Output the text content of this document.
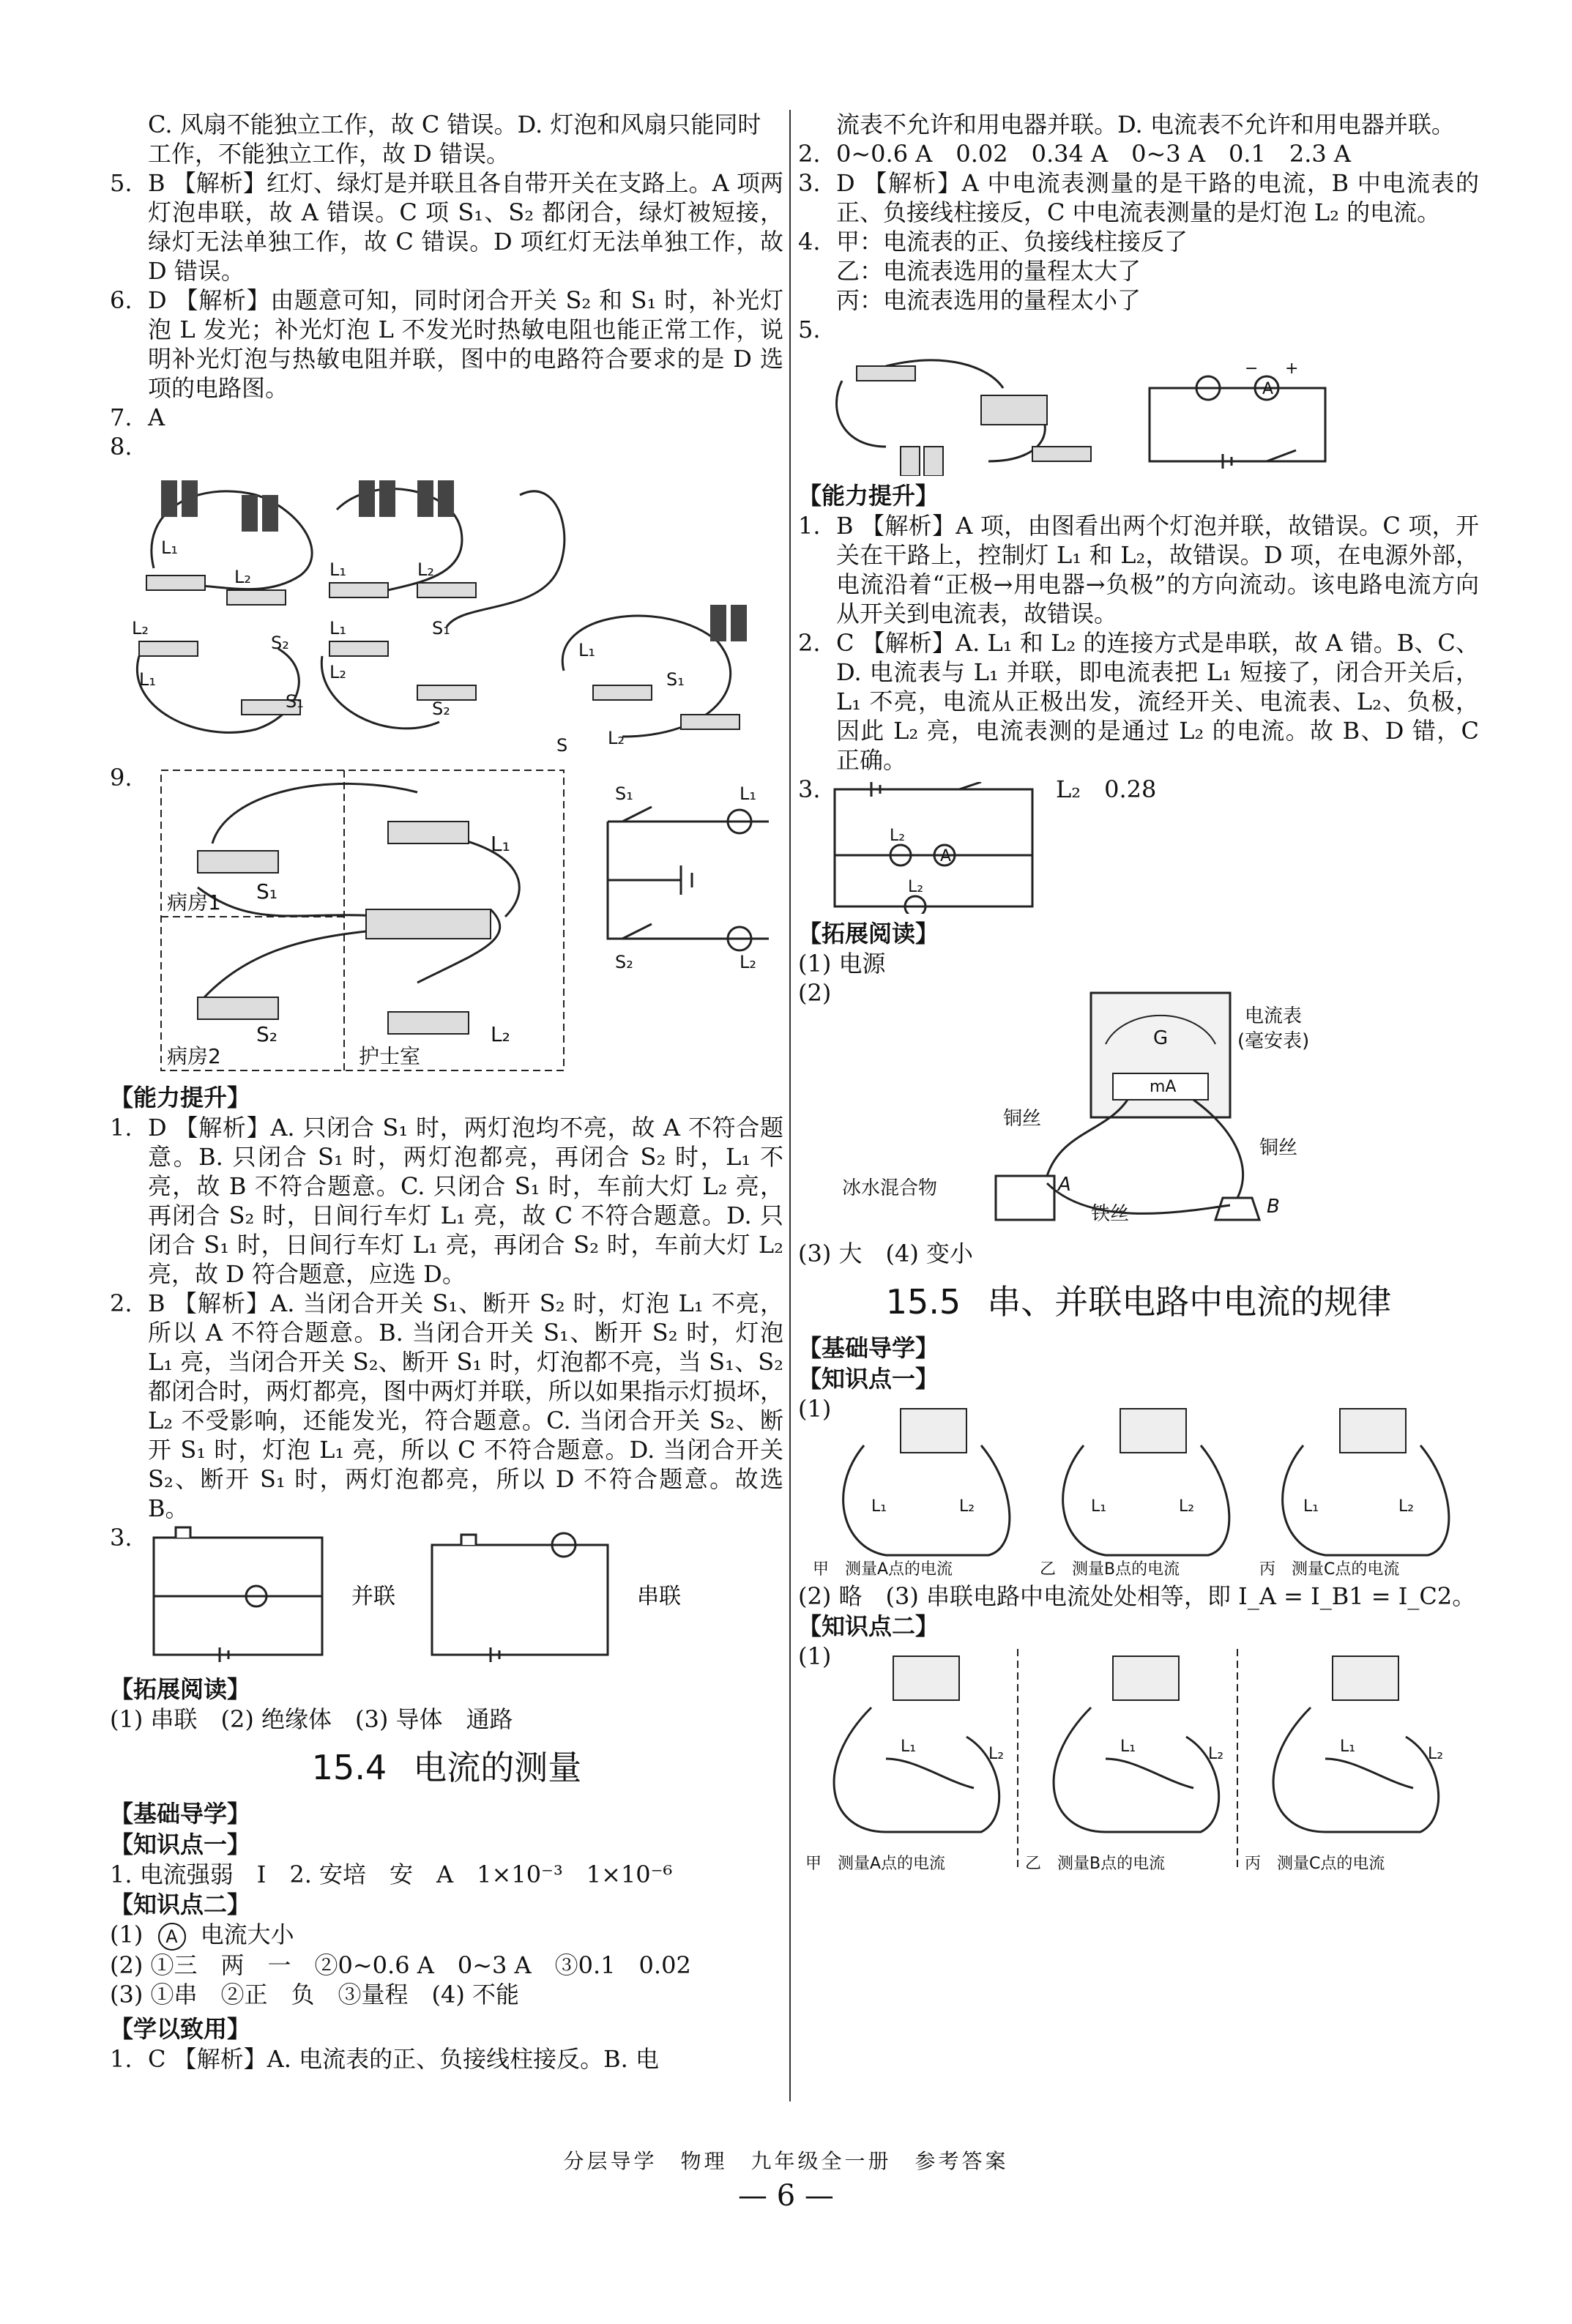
C. 风扇不能独立工作，故 C 错误。D. 灯泡和风扇只能同时工作，不能独立工作，故 D 错误。

5. B 【解析】红灯、绿灯是并联且各自带开关在支路上。A 项两灯泡串联，故 A 错误。C 项 S₁、S₂ 都闭合，绿灯被短接，绿灯无法单独工作，故 C 错误。D 项红灯无法单独工作，故 D 错误。
6. D 【解析】由题意可知，同时闭合开关 S₂ 和 S₁ 时，补光灯泡 L 发光；补光灯泡 L 不发光时热敏电阻也能正常工作，说明补光灯泡与热敏电阻并联，图中的电路符合要求的是 D 选项的电路图。
7. A
8.
L₁
L₂	L₁	L₂
L₂
S₂
L₁
S₁
L₁	S₁
L₂
S₂
L₁
S₁
S L₂
9.
S₁
L₁
病房1
S₂	L₂
病房2	护士室
S₁	L₁
S₂	L₂
【能力提升】
1. D 【解析】A. 只闭合 S₁ 时，两灯泡均不亮，故 A 不符合题意。B. 只闭合 S₁ 时，两灯泡都亮，再闭合 S₂ 时，L₁ 不亮，故 B 不符合题意。C. 只闭合 S₁ 时，车前大灯 L₂ 亮，再闭合 S₂ 时，日间行车灯 L₁ 亮，故 C 不符合题意。D. 只闭合 S₁ 时，日间行车灯 L₁ 亮，再闭合 S₂ 时，车前大灯 L₂ 亮，故 D 符合题意，应选 D。
2. B 【解析】A. 当闭合开关 S₁、断开 S₂ 时，灯泡 L₁ 不亮，所以 A 不符合题意。B. 当闭合开关 S₁、断开 S₂ 时，灯泡 L₁ 亮，当闭合开关 S₂、断开 S₁ 时，灯泡都不亮，当 S₁、S₂ 都闭合时，两灯都亮，图中两灯并联，所以如果指示灯损坏，L₂ 不受影响，还能发光，符合题意。C. 当闭合开关 S₂、断开 S₁ 时，灯泡 L₁ 亮，所以 C 不符合题意。D. 当闭合开关 S₂、断开 S₁ 时，两灯泡都亮，所以 D 不符合题意。故选 B。
3.
并联	串联
【拓展阅读】

(1) 串联　(2) 绝缘体　(3) 导体　通路

15.4 电流的测量
【基础导学】
【知识点一】

1. 电流强弱　I　2. 安培　安　A　1×10⁻³　1×10⁻⁶

【知识点二】

(1) A 电流大小

(2) ①三　两　一　②0~0.6 A　0~3 A　③0.1　0.02

(3) ①串　②正　负　③量程　(4) 不能

【学以致用】
1. C 【解析】A. 电流表的正、负接线柱接反。B. 电

流表不允许和用电器并联。D. 电流表不允许和用电器并联。

2. 0~0.6 A　0.02　0.34 A　0~3 A　0.1　2.3 A
3. D 【解析】A 中电流表测量的是干路的电流，B 中电流表的正、负接线柱接反，C 中电流表测量的是灯泡 L₂ 的电流。
4. 甲：电流表的正、负接线柱接反了

乙：电流表选用的量程太大了

丙：电流表选用的量程太小了

5.
A
− +
【能力提升】
1. B 【解析】A 项，由图看出两个灯泡并联，故错误。C 项，开关在干路上，控制灯 L₁ 和 L₂，故错误。D 项，在电源外部，电流沿着“正极→用电器→负极”的方向流动。该电路电流方向从开关到电流表，故错误。
2. C 【解析】A. L₁ 和 L₂ 的连接方式是串联，故 A 错。B、C、D. 电流表与 L₁ 并联，即电流表把 L₁ 短接了，闭合开关后，L₁ 不亮，电流从正极出发，流经开关、电流表、L₂、负极，因此 L₂ 亮，电流表测的是通过 L₂ 的电流。故 B、D 错，C 正确。
3.	L₂　0.28
A
L₂
L₂
【拓展阅读】

(1) 电源

(2)

G
mA
电流表
(毫安表)
铜丝
铜丝
冰水混合物
铁丝
A
B

(3) 大　(4) 变小

15.5 串、并联电路中电流的规律
【基础导学】
【知识点一】

(1)

L₁	L₂	L₁	L₂	L₁	L₂
甲　测量A点的电流	乙　测量B点的电流	丙　测量C点的电流

(2) 略　(3) 串联电路中电流处处相等，即 I_A = I_B1 = I_C2。

【知识点二】

(1)

L₁	L₂	L₁	L₂	L₁	L₂
甲　测量A点的电流	乙　测量B点的电流	丙　测量C点的电流
分层导学　物理　九年级全一册　参考答案
— 6 —
